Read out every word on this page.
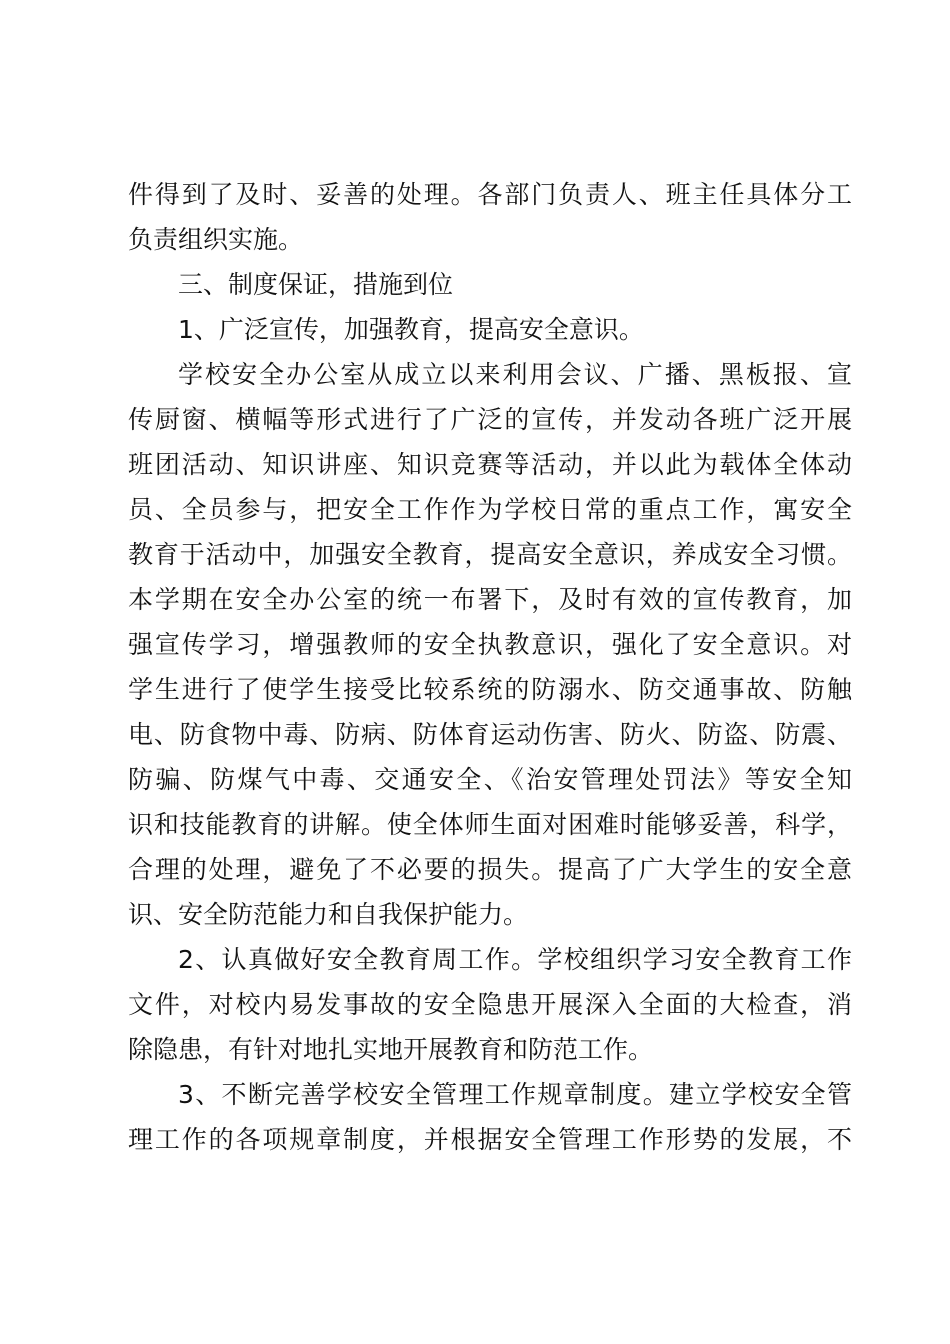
件得到了及时、妥善的处理。各部门负责人、班主任具体分工
负责组织实施。
三、制度保证，措施到位
1、广泛宣传，加强教育，提高安全意识。
学校安全办公室从成立以来利用会议、广播、黑板报、宣
传厨窗、横幅等形式进行了广泛的宣传，并发动各班广泛开展
班团活动、知识讲座、知识竞赛等活动，并以此为载体全体动
员、全员参与，把安全工作作为学校日常的重点工作，寓安全
教育于活动中，加强安全教育，提高安全意识，养成安全习惯。
本学期在安全办公室的统一布署下，及时有效的宣传教育，加
强宣传学习，增强教师的安全执教意识，强化了安全意识。对
学生进行了使学生接受比较系统的防溺水、防交通事故、防触
电、防食物中毒、防病、防体育运动伤害、防火、防盗、防震、
防骗、防煤气中毒、交通安全、《治安管理处罚法》等安全知
识和技能教育的讲解。使全体师生面对困难时能够妥善，科学，
合理的处理，避免了不必要的损失。提高了广大学生的安全意
识、安全防范能力和自我保护能力。
2、认真做好安全教育周工作。学校组织学习安全教育工作
文件，对校内易发事故的安全隐患开展深入全面的大检查，消
除隐患，有针对地扎实地开展教育和防范工作。
3、不断完善学校安全管理工作规章制度。建立学校安全管
理工作的各项规章制度，并根据安全管理工作形势的发展，不
